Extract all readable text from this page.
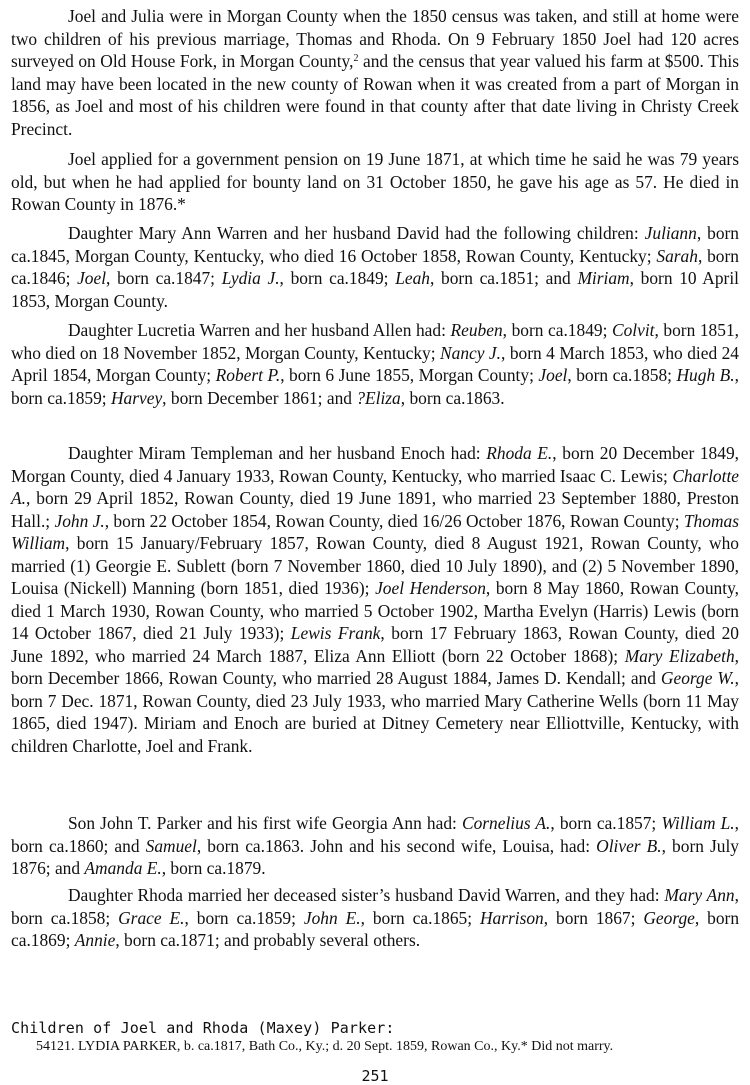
Joel and Julia were in Morgan County when the 1850 census was taken, and still at home were two children of his previous marriage, Thomas and Rhoda. On 9 February 1850 Joel had 120 acres surveyed on Old House Fork, in Morgan County,$^2$ and the census that year valued his farm at $500. This land may have been located in the new county of Rowan when it was created from a part of Morgan in 1856, as Joel and most of his children were found in that county after that date living in Christy Creek Precinct.

Joel applied for a government pension on 19 June 1871, at which time he said he was 79 years old, but when he had applied for bounty land on 31 October 1850, he gave his age as 57. He died in Rowan County in 1876.*

Daughter Mary Ann Warren and her husband David had the following children: Juliann, born ca.1845, Morgan County, Kentucky, who died 16 October 1858, Rowan County, Kentucky; Sarah, born ca.1846; Joel, born ca.1847; Lydia J., born ca.1849; Leah, born ca.1851; and Miriam, born 10 April 1853, Morgan County.

Daughter Lucretia Warren and her husband Allen had: Reuben, born ca.1849; Colvit, born 1851, who died on 18 November 1852, Morgan County, Kentucky; Nancy J., born 4 March 1853, who died 24 April 1854, Morgan County; Robert P., born 6 June 1855, Morgan County; Joel, born ca.1858; Hugh B., born ca.1859; Harvey, born December 1861; and ?Eliza, born ca.1863.

Daughter Miram Templeman and her husband Enoch had: Rhoda E., born 20 December 1849, Morgan County, died 4 January 1933, Rowan County, Kentucky, who married Isaac C. Lewis; Charlotte A., born 29 April 1852, Rowan County, died 19 June 1891, who married 23 September 1880, Preston Hall.; John J., born 22 October 1854, Rowan County, died 16/26 October 1876, Rowan County; Thomas William, born 15 January/February 1857, Rowan County, died 8 August 1921, Rowan County, who married (1) Georgie E. Sublett (born 7 November 1860, died 10 July 1890), and (2) 5 November 1890, Louisa (Nickell) Manning (born 1851, died 1936); Joel Henderson, born 8 May 1860, Rowan County, died 1 March 1930, Rowan County, who married 5 October 1902, Martha Evelyn (Harris) Lewis (born 14 October 1867, died 21 July 1933); Lewis Frank, born 17 February 1863, Rowan County, died 20 June 1892, who married 24 March 1887, Eliza Ann Elliott (born 22 October 1868); Mary Elizabeth, born December 1866, Rowan County, who married 28 August 1884, James D. Kendall; and George W., born 7 Dec. 1871, Rowan County, died 23 July 1933, who married Mary Catherine Wells (born 11 May 1865, died 1947). Miriam and Enoch are buried at Ditney Cemetery near Elliottville, Kentucky, with children Charlotte, Joel and Frank.

Son John T. Parker and his first wife Georgia Ann had: Cornelius A., born ca.1857; William L., born ca.1860; and Samuel, born ca.1863. John and his second wife, Louisa, had: Oliver B., born July 1876; and Amanda E., born ca.1879.

Daughter Rhoda married her deceased sister’s husband David Warren, and they had: Mary Ann, born ca.1858; Grace E., born ca.1859; John E., born ca.1865; Harrison, born 1867; George, born ca.1869; Annie, born ca.1871; and probably several others.

Children of Joel and Rhoda (Maxey) Parker:

54121. LYDIA PARKER, b. ca.1817, Bath Co., Ky.; d. 20 Sept. 1859, Rowan Co., Ky.* Did not marry.

251
